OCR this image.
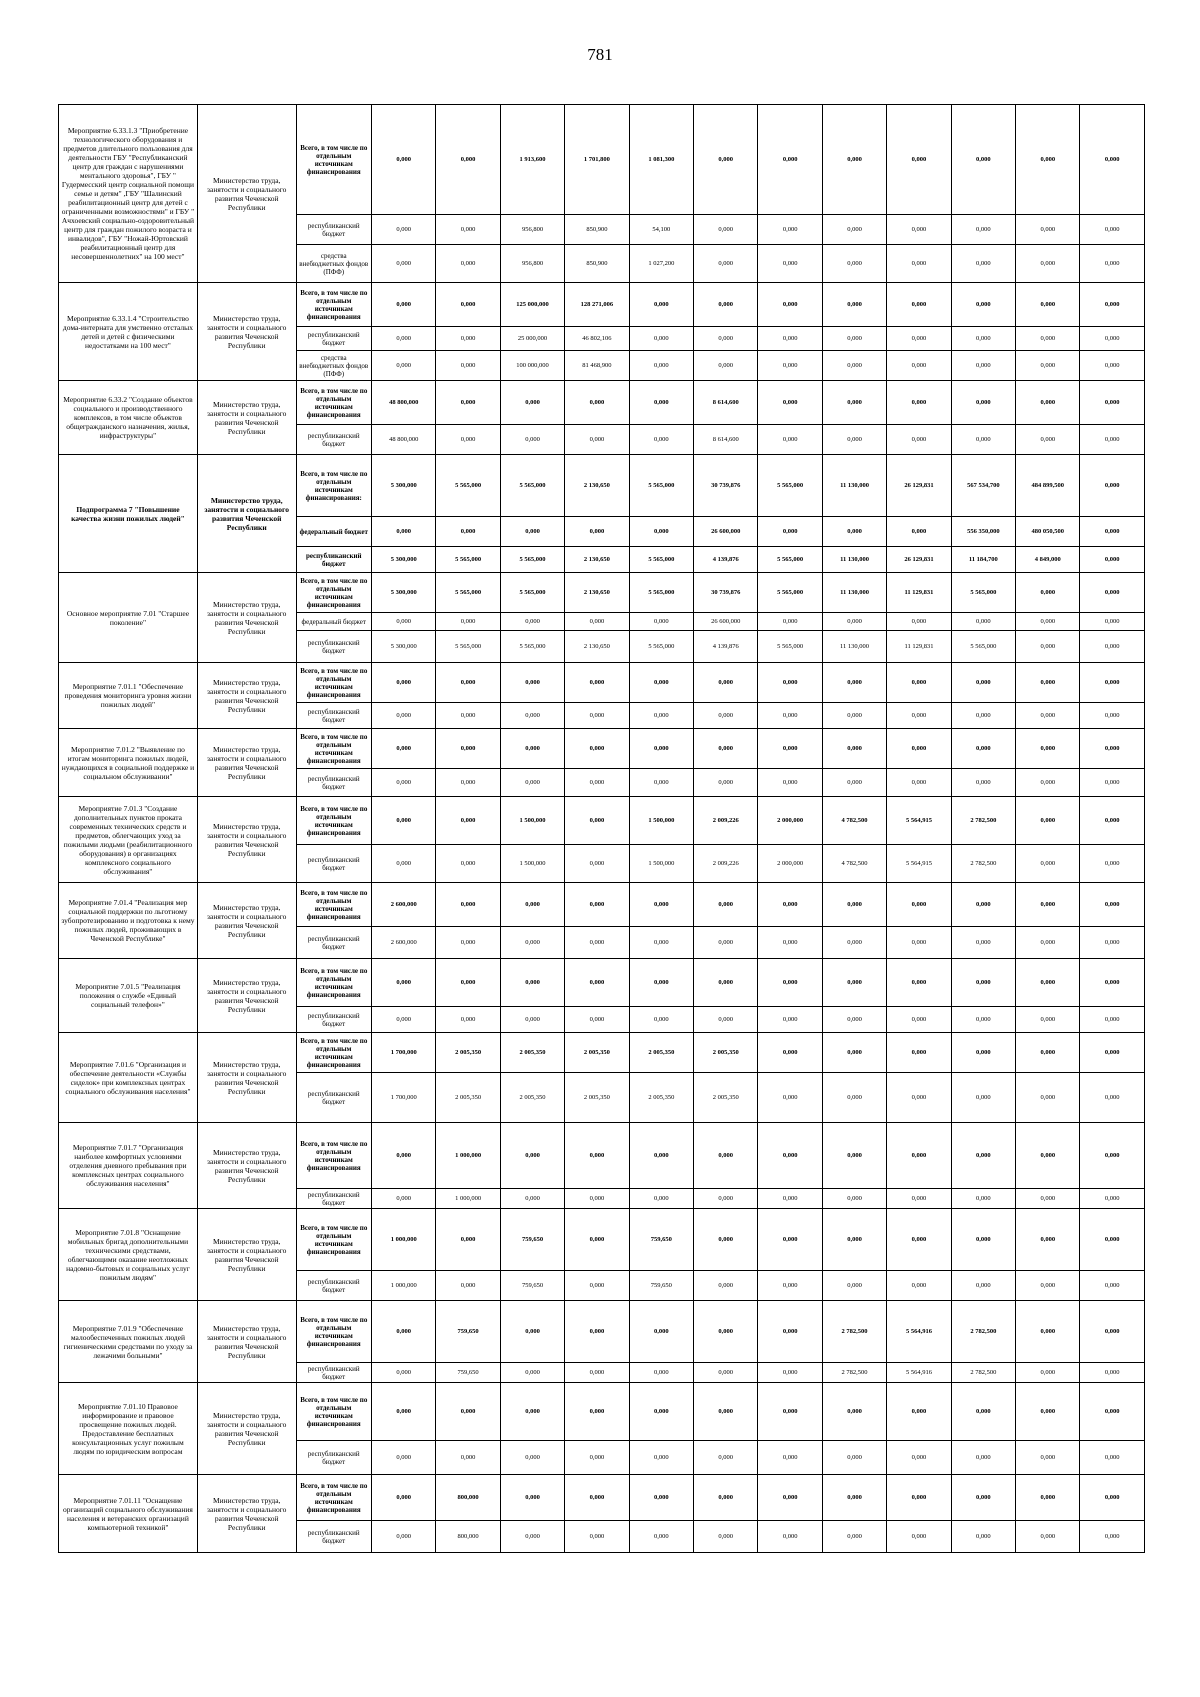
781
Мероприятие 6.33.1.3 "Приобретение технологического оборудования и предметов длительного пользования для деятельности ГБУ "Республиканский центр для граждан с нарушениями ментального здоровья", ГБУ " Гудермесский центр социальной помощи семье и детям" ,ГБУ "Шалинский реабилитационный центр для детей с ограниченными возможностями" и ГБУ " Ачхоевский социально-оздоровительный центр для граждан пожилого возраста и инвалидов", ГБУ "Ножай-Юртовский реабилитационный центр для несовершеннолетних" на 100 мест"	Министерство труда, занятости и социального развития Чеченской Республики	Всего, в том числе по отдельным источникам финансирования	0,000	0,000	1 913,600	1 701,800	1 081,300	0,000	0,000	0,000	0,000	0,000	0,000	0,000
		республиканский бюджет	0,000	0,000	956,800	850,900	54,100	0,000	0,000	0,000	0,000	0,000	0,000	0,000
		средства внебюджетных фондов (ПФФ)	0,000	0,000	956,800	850,900	1 027,200	0,000	0,000	0,000	0,000	0,000	0,000	0,000
Мероприятие 6.33.1.4 "Строительство дома-интерната для умственно отсталых детей и детей с физическими недостатками на 100 мест"	Министерство труда, занятости и социального развития Чеченской Республики	Всего, в том числе по отдельным источникам финансирования	0,000	0,000	125 000,000	128 271,006	0,000	0,000	0,000	0,000	0,000	0,000	0,000	0,000
		республиканский бюджет	0,000	0,000	25 000,000	46 802,106	0,000	0,000	0,000	0,000	0,000	0,000	0,000	0,000
		средства внебюджетных фондов (ПФФ)	0,000	0,000	100 000,000	81 468,900	0,000	0,000	0,000	0,000	0,000	0,000	0,000	0,000
Мероприятие 6.33.2 "Создание объектов социального и производственного комплексов, в том числе объектов общегражданского назначения, жилья, инфраструктуры"	Министерство труда, занятости и социального развития Чеченской Республики	Всего, в том числе по отдельным источникам финансирования	48 800,000	0,000	0,000	0,000	0,000	8 614,600	0,000	0,000	0,000	0,000	0,000	0,000
		республиканский бюджет	48 800,000	0,000	0,000	0,000	0,000	8 614,600	0,000	0,000	0,000	0,000	0,000	0,000
Подпрограмма 7 "Повышение качества жизни пожилых людей"	Министерство труда, занятости и социального развития Чеченской Республики	Всего, в том числе по отдельным источникам финансирования:	5 300,000	5 565,000	5 565,000	2 130,650	5 565,000	30 739,876	5 565,000	11 130,000	26 129,831	567 534,700	484 899,500	0,000
		федеральный бюджет	0,000	0,000	0,000	0,000	0,000	26 600,000	0,000	0,000	0,000	556 350,000	480 050,500	0,000
		республиканский бюджет	5 300,000	5 565,000	5 565,000	2 130,650	5 565,000	4 139,876	5 565,000	11 130,000	26 129,831	11 184,700	4 849,000	0,000
Основное мероприятие 7.01 "Старшее поколение"	Министерство труда, занятости и социального развития Чеченской Республики	Всего, в том числе по отдельным источникам финансирования	5 300,000	5 565,000	5 565,000	2 130,650	5 565,000	30 739,876	5 565,000	11 130,000	11 129,831	5 565,000	0,000	0,000
		федеральный бюджет	0,000	0,000	0,000	0,000	0,000	26 600,000	0,000	0,000	0,000	0,000	0,000	0,000
		республиканский бюджет	5 300,000	5 565,000	5 565,000	2 130,650	5 565,000	4 139,876	5 565,000	11 130,000	11 129,831	5 565,000	0,000	0,000
Мероприятие 7.01.1 "Обеспечение проведения мониторинга уровня жизни пожилых людей"	Министерство труда, занятости и социального развития Чеченской Республики	Всего, в том числе по отдельным источникам финансирования	0,000	0,000	0,000	0,000	0,000	0,000	0,000	0,000	0,000	0,000	0,000	0,000
		республиканский бюджет	0,000	0,000	0,000	0,000	0,000	0,000	0,000	0,000	0,000	0,000	0,000	0,000
Мероприятие 7.01.2 "Выявление по итогам мониторинга пожилых людей, нуждающихся в социальной поддержке и социальном обслуживании"	Министерство труда, занятости и социального развития Чеченской Республики	Всего, в том числе по отдельным источникам финансирования	0,000	0,000	0,000	0,000	0,000	0,000	0,000	0,000	0,000	0,000	0,000	0,000
		республиканский бюджет	0,000	0,000	0,000	0,000	0,000	0,000	0,000	0,000	0,000	0,000	0,000	0,000
Мероприятие 7.01.3 "Создание дополнительных пунктов проката современных технических средств и предметов, облегчающих уход за пожилыми людьми (реабилитационного оборудования) в организациях комплексного социального обслуживания"	Министерство труда, занятости и социального развития Чеченской Республики	Всего, в том числе по отдельным источникам финансирования	0,000	0,000	1 500,000	0,000	1 500,000	2 009,226	2 000,000	4 782,500	5 564,915	2 782,500	0,000	0,000
		республиканский бюджет	0,000	0,000	1 500,000	0,000	1 500,000	2 009,226	2 000,000	4 782,500	5 564,915	2 782,500	0,000	0,000
Мероприятие 7.01.4 "Реализация мер социальной поддержки по льготному зубопротезированию и подготовка к нему пожилых людей, проживающих в Чеченской Республике"	Министерство труда, занятости и социального развития Чеченской Республики	Всего, в том числе по отдельным источникам финансирования	2 600,000	0,000	0,000	0,000	0,000	0,000	0,000	0,000	0,000	0,000	0,000	0,000
		республиканский бюджет	2 600,000	0,000	0,000	0,000	0,000	0,000	0,000	0,000	0,000	0,000	0,000	0,000
Мероприятие 7.01.5 "Реализация положения о службе «Единый социальный телефон»"	Министерство труда, занятости и социального развития Чеченской Республики	Всего, в том числе по отдельным источникам финансирования	0,000	0,000	0,000	0,000	0,000	0,000	0,000	0,000	0,000	0,000	0,000	0,000
		республиканский бюджет	0,000	0,000	0,000	0,000	0,000	0,000	0,000	0,000	0,000	0,000	0,000	0,000
Мероприятие 7.01.6 "Организация и обеспечение деятельности «Службы сиделок» при комплексных центрах социального обслуживания населения"	Министерство труда, занятости и социального развития Чеченской Республики	Всего, в том числе по отдельным источникам финансирования	1 700,000	2 005,350	2 005,350	2 005,350	2 005,350	2 005,350	0,000	0,000	0,000	0,000	0,000	0,000
		республиканский бюджет	1 700,000	2 005,350	2 005,350	2 005,350	2 005,350	2 005,350	0,000	0,000	0,000	0,000	0,000	0,000
Мероприятие 7.01.7 "Организация наиболее комфортных условиями отделения дневного пребывания при комплексных центрах социального обслуживания населения"	Министерство труда, занятости и социального развития Чеченской Республики	Всего, в том числе по отдельным источникам финансирования	0,000	1 000,000	0,000	0,000	0,000	0,000	0,000	0,000	0,000	0,000	0,000	0,000
		республиканский бюджет	0,000	1 000,000	0,000	0,000	0,000	0,000	0,000	0,000	0,000	0,000	0,000	0,000
Мероприятие 7.01.8 "Оснащение мобильных бригад дополнительными техническими средствами, облегчающими оказание неотложных надомно-бытовых и социальных услуг пожилым людям"	Министерство труда, занятости и социального развития Чеченской Республики	Всего, в том числе по отдельным источникам финансирования	1 000,000	0,000	759,650	0,000	759,650	0,000	0,000	0,000	0,000	0,000	0,000	0,000
		республиканский бюджет	1 000,000	0,000	759,650	0,000	759,650	0,000	0,000	0,000	0,000	0,000	0,000	0,000
Мероприятие 7.01.9 "Обеспечение малообеспеченных пожилых людей гигиеническими средствами по уходу за лежачими больными"	Министерство труда, занятости и социального развития Чеченской Республики	Всего, в том числе по отдельным источникам финансирования	0,000	759,650	0,000	0,000	0,000	0,000	0,000	2 782,500	5 564,916	2 782,500	0,000	0,000
		республиканский бюджет	0,000	759,650	0,000	0,000	0,000	0,000	0,000	2 782,500	5 564,916	2 782,500	0,000	0,000
Мероприятие 7.01.10 Правовое информирование и правовое просвещение пожилых людей. Предоставление бесплатных консультационных услуг пожилым людям по юридическим вопросам	Министерство труда, занятости и социального развития Чеченской Республики	Всего, в том числе по отдельным источникам финансирования	0,000	0,000	0,000	0,000	0,000	0,000	0,000	0,000	0,000	0,000	0,000	0,000
		республиканский бюджет	0,000	0,000	0,000	0,000	0,000	0,000	0,000	0,000	0,000	0,000	0,000	0,000
Мероприятие 7.01.11 "Оснащение организаций социального обслуживания населения и ветеранских организаций компьютерной техникой"	Министерство труда, занятости и социального развития Чеченской Республики	Всего, в том числе по отдельным источникам финансирования	0,000	800,000	0,000	0,000	0,000	0,000	0,000	0,000	0,000	0,000	0,000	0,000
		республиканский бюджет	0,000	800,000	0,000	0,000	0,000	0,000	0,000	0,000	0,000	0,000	0,000	0,000
